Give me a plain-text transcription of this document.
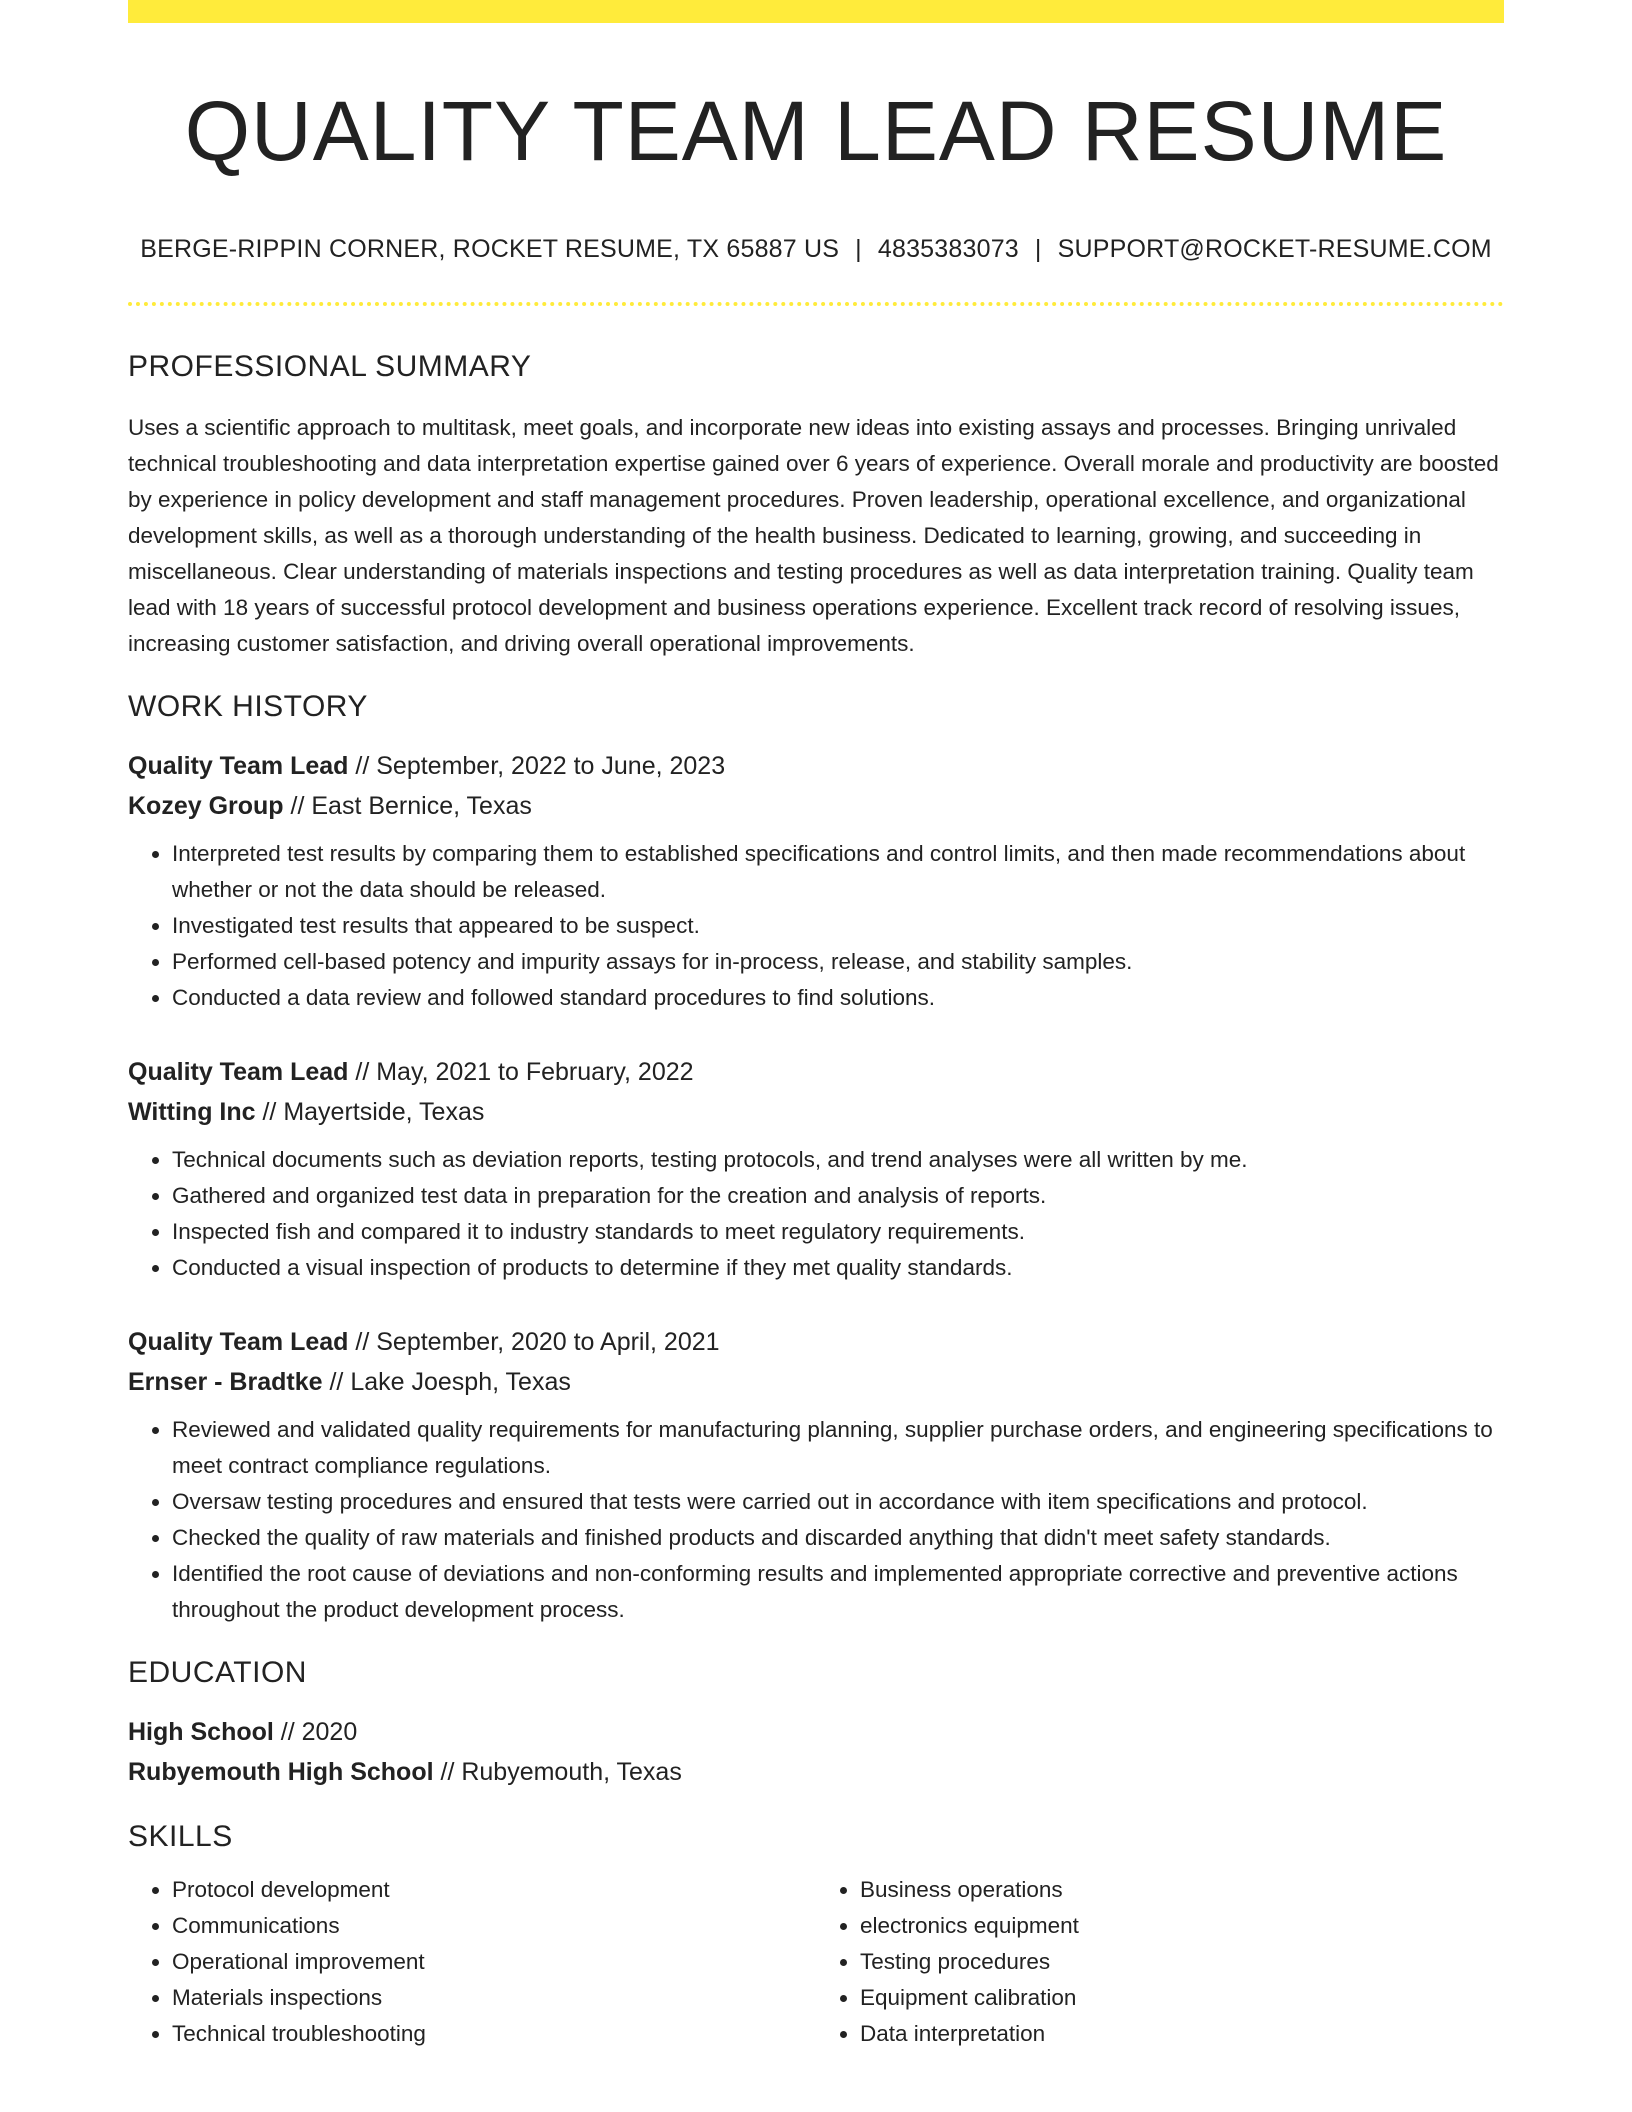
QUALITY TEAM LEAD RESUME
BERGE-RIPPIN CORNER, ROCKET RESUME, TX 65887 US | 4835383073 | SUPPORT@ROCKET-RESUME.COM
PROFESSIONAL SUMMARY

Uses a scientific approach to multitask, meet goals, and incorporate new ideas into existing assays and processes. Bringing unrivaled technical troubleshooting and data interpretation expertise gained over 6 years of experience. Overall morale and productivity are boosted by experience in policy development and staff management procedures. Proven leadership, operational excellence, and organizational development skills, as well as a thorough understanding of the health business. Dedicated to learning, growing, and succeeding in miscellaneous. Clear understanding of materials inspections and testing procedures as well as data interpretation training. Quality team lead with 18 years of successful protocol development and business operations experience. Excellent track record of resolving issues, increasing customer satisfaction, and driving overall operational improvements.

WORK HISTORY
Quality Team Lead // September, 2022 to June, 2023
Kozey Group // East Bernice, Texas
• Interpreted test results by comparing them to established specifications and control limits, and then made recommendations about whether or not the data should be released.
• Investigated test results that appeared to be suspect.
• Performed cell-based potency and impurity assays for in-process, release, and stability samples.
• Conducted a data review and followed standard procedures to find solutions.
Quality Team Lead // May, 2021 to February, 2022
Witting Inc // Mayertside, Texas
• Technical documents such as deviation reports, testing protocols, and trend analyses were all written by me.
• Gathered and organized test data in preparation for the creation and analysis of reports.
• Inspected fish and compared it to industry standards to meet regulatory requirements.
• Conducted a visual inspection of products to determine if they met quality standards.
Quality Team Lead // September, 2020 to April, 2021
Ernser - Bradtke // Lake Joesph, Texas
• Reviewed and validated quality requirements for manufacturing planning, supplier purchase orders, and engineering specifications to meet contract compliance regulations.
• Oversaw testing procedures and ensured that tests were carried out in accordance with item specifications and protocol.
• Checked the quality of raw materials and finished products and discarded anything that didn't meet safety standards.
• Identified the root cause of deviations and non-conforming results and implemented appropriate corrective and preventive actions throughout the product development process.
EDUCATION
High School // 2020
Rubyemouth High School // Rubyemouth, Texas
SKILLS
• Protocol development
• Communications
• Operational improvement
• Materials inspections
• Technical troubleshooting
• Business operations
• electronics equipment
• Testing procedures
• Equipment calibration
• Data interpretation
